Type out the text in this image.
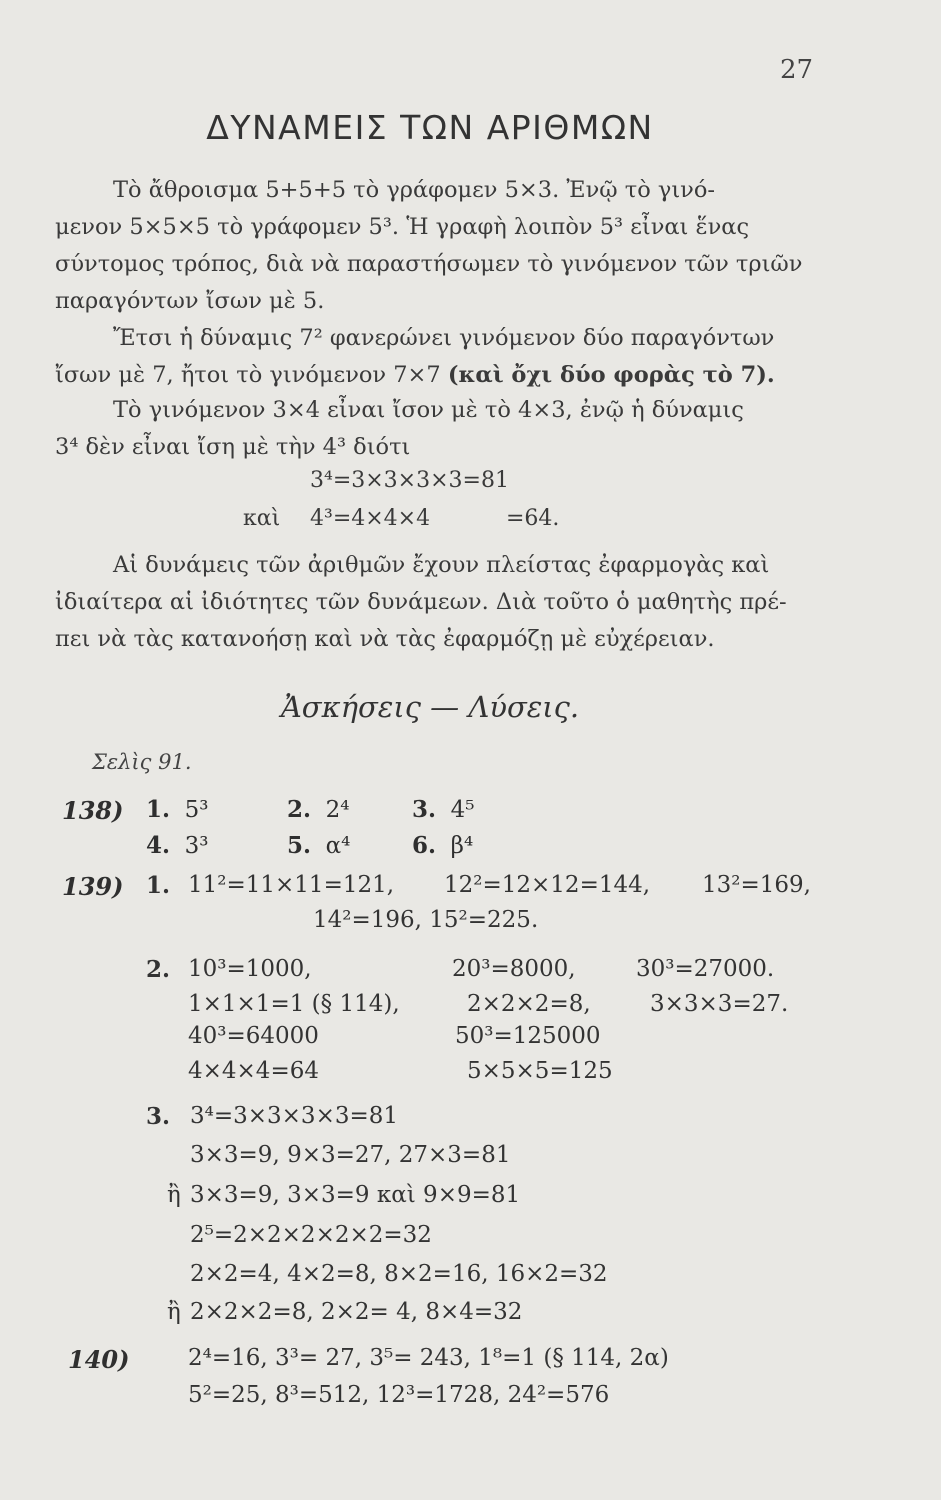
27
ΔΥΝΑΜΕΙΣ ΤΩΝ ΑΡΙΘΜΩΝ
Τὸ ἄθροισμα 5+5+5 τὸ γράφομεν 5×3. Ἐνῷ τὸ γινό-
μενον 5×5×5 τὸ γράφομεν 5³. Ἡ γραφὴ λοιπὸν 5³ εἶναι ἕνας
σύντομος τρόπος, διὰ νὰ παραστήσωμεν τὸ γινόμενον τῶν τριῶν
παραγόντων ἴσων μὲ 5.
Ἔτσι ἡ δύναμις 7² φανερώνει γινόμενον δύο παραγόντων
ἴσων μὲ 7, ἤτοι τὸ γινόμενον 7×7 (καὶ ὄχι δύο φορὰς τὸ 7).
Τὸ γινόμενον 3×4 εἶναι ἴσον μὲ τὸ 4×3, ἐνῷ ἡ δύναμις
3⁴ δὲν εἶναι ἴση μὲ τὴν 4³ διότι
3⁴=3×3×3×3=81
καὶ 4³=4×4×4	=64.
Αἱ δυνάμεις τῶν ἀριθμῶν ἔχουν πλείστας ἐφαρμογὰς καὶ
ἰδιαίτερα αἱ ἰδιότητες τῶν δυνάμεων. Διὰ τοῦτο ὁ μαθητὴς πρέ-
πει νὰ τὰς κατανοήσῃ καὶ νὰ τὰς ἐφαρμόζῃ μὲ εὐχέρειαν.
Ἀσκήσεις — Λύσεις.
Σελὶς 91.
138) 1. 5³	2. 2⁴	3. 4⁵
4. 3³	5. α⁴	6. β⁴
139) 1. 11²=11×11=121, 12²=12×12=144, 13²=169,
14²=196, 15²=225.
2. 10³=1000,	20³=8000,	30³=27000.
1×1×1=1 (§ 114),	2×2×2=8,	3×3×3=27.
40³=64000	50³=125000
4×4×4=64	5×5×5=125
3. 3⁴=3×3×3×3=81
3×3=9, 9×3=27, 27×3=81
ἢ 3×3=9, 3×3=9 καὶ 9×9=81
2⁵=2×2×2×2×2=32
2×2=4, 4×2=8, 8×2=16, 16×2=32
ἢ 2×2×2=8, 2×2= 4, 8×4=32
140)	2⁴=16, 3³= 27, 3⁵= 243, 1⁸=1 (§ 114, 2α)
5²=25, 8³=512, 12³=1728, 24²=576
